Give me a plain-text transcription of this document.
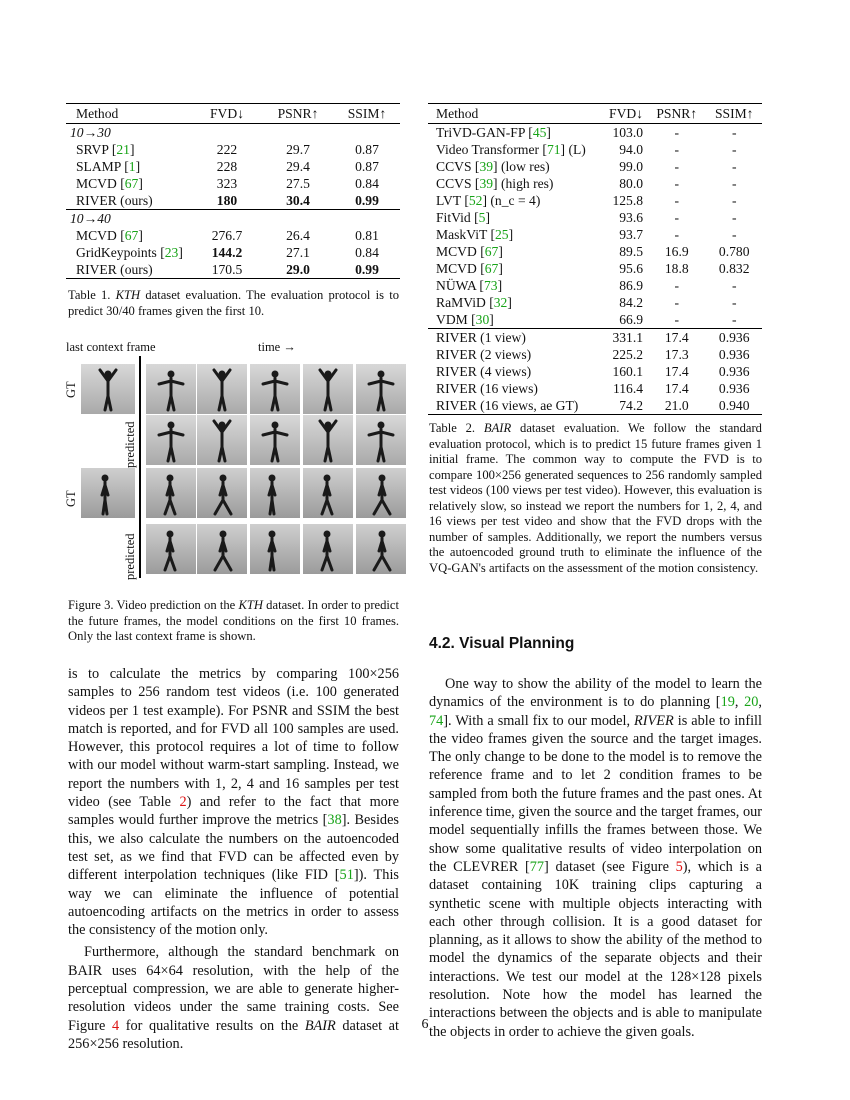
Method	FVD↓	PSNR↑	SSIM↑
10→30			
SRVP [21]	222	29.7	0.87
SLAMP [1]	228	29.4	0.87
MCVD [67]	323	27.5	0.84
RIVER (ours)	180	30.4	0.99
10→40			
MCVD [67]	276.7	26.4	0.81
GridKeypoints [23]	144.2	27.1	0.84
RIVER (ours)	170.5	29.0	0.99
Table 1. KTH dataset evaluation. The evaluation protocol is to predict 30/40 frames given the first 10.
last context frame	time →
GT
predicted
GT
predicted
Figure 3. Video prediction on the KTH dataset. In order to predict the future frames, the model conditions on the first 10 frames. Only the last context frame is shown.
Method	FVD↓	PSNR↑	SSIM↑
TriVD-GAN-FP [45]	103.0	-	-
Video Transformer [71] (L)	94.0	-	-
CCVS [39] (low res)	99.0	-	-
CCVS [39] (high res)	80.0	-	-
LVT [52] (n_c = 4)	125.8	-	-
FitVid [5]	93.6	-	-
MaskViT [25]	93.7	-	-
MCVD [67]	89.5	16.9	0.780
MCVD [67]	95.6	18.8	0.832
NÜWA [73]	86.9	-	-
RaMViD [32]	84.2	-	-
VDM [30]	66.9	-	-
RIVER (1 view)	331.1	17.4	0.936
RIVER (2 views)	225.2	17.3	0.936
RIVER (4 views)	160.1	17.4	0.936
RIVER (16 views)	116.4	17.4	0.936
RIVER (16 views, ae GT)	74.2	21.0	0.940
Table 2. BAIR dataset evaluation. We follow the standard evaluation protocol, which is to predict 15 future frames given 1 initial frame. The common way to compute the FVD is to compare 100×256 generated sequences to 256 randomly sampled test videos (100 views per test video). However, this evaluation is relatively slow, so instead we report the numbers for 1, 2, 4, and 16 views per test video and show that the FVD drops with the number of samples. Additionally, we report the numbers versus the autoencoded ground truth to eliminate the influence of the VQ-GAN's artifacts on the assessment of the motion consistency.

is to calculate the metrics by comparing 100×256 samples to 256 random test videos (i.e. 100 generated videos per 1 test example). For PSNR and SSIM the best match is reported, and for FVD all 100 samples are used. However, this protocol requires a lot of time to follow with our model without warm-start sampling. Instead, we report the numbers with 1, 2, 4 and 16 samples per test video (see Table 2) and refer to the fact that more samples would further improve the metrics [38]. Besides this, we also calculate the numbers on the autoencoded test set, as we find that FVD can be affected even by different interpolation techniques (like FID [51]). This way we can eliminate the influence of potential autoencoding artifacts on the metrics in order to assess the consistency of the motion only.

Furthermore, although the standard benchmark on BAIR uses 64×64 resolution, with the help of the perceptual compression, we are able to generate higher-resolution videos under the same training costs. See Figure 4 for qualitative results on the BAIR dataset at 256×256 resolution.

4.2. Visual Planning

One way to show the ability of the model to learn the dynamics of the environment is to do planning [19, 20, 74]. With a small fix to our model, RIVER is able to infill the video frames given the source and the target images. The only change to be done to the model is to remove the reference frame and to let 2 condition frames to be sampled from both the future frames and the past ones. At inference time, given the source and the target frames, our model sequentially infills the frames between those. We show some qualitative results of video interpolation on the CLEVRER [77] dataset (see Figure 5), which is a dataset containing 10K training clips capturing a synthetic scene with multiple objects interacting with each other through collision. It is a good dataset for planning, as it allows to show the ability of the method to model the dynamics of the separate objects and their interactions. We test our model at the 128×128 pixels resolution. Note how the model has learned the interactions between the objects and is able to manipulate the objects in order to achieve the given goals.

6
